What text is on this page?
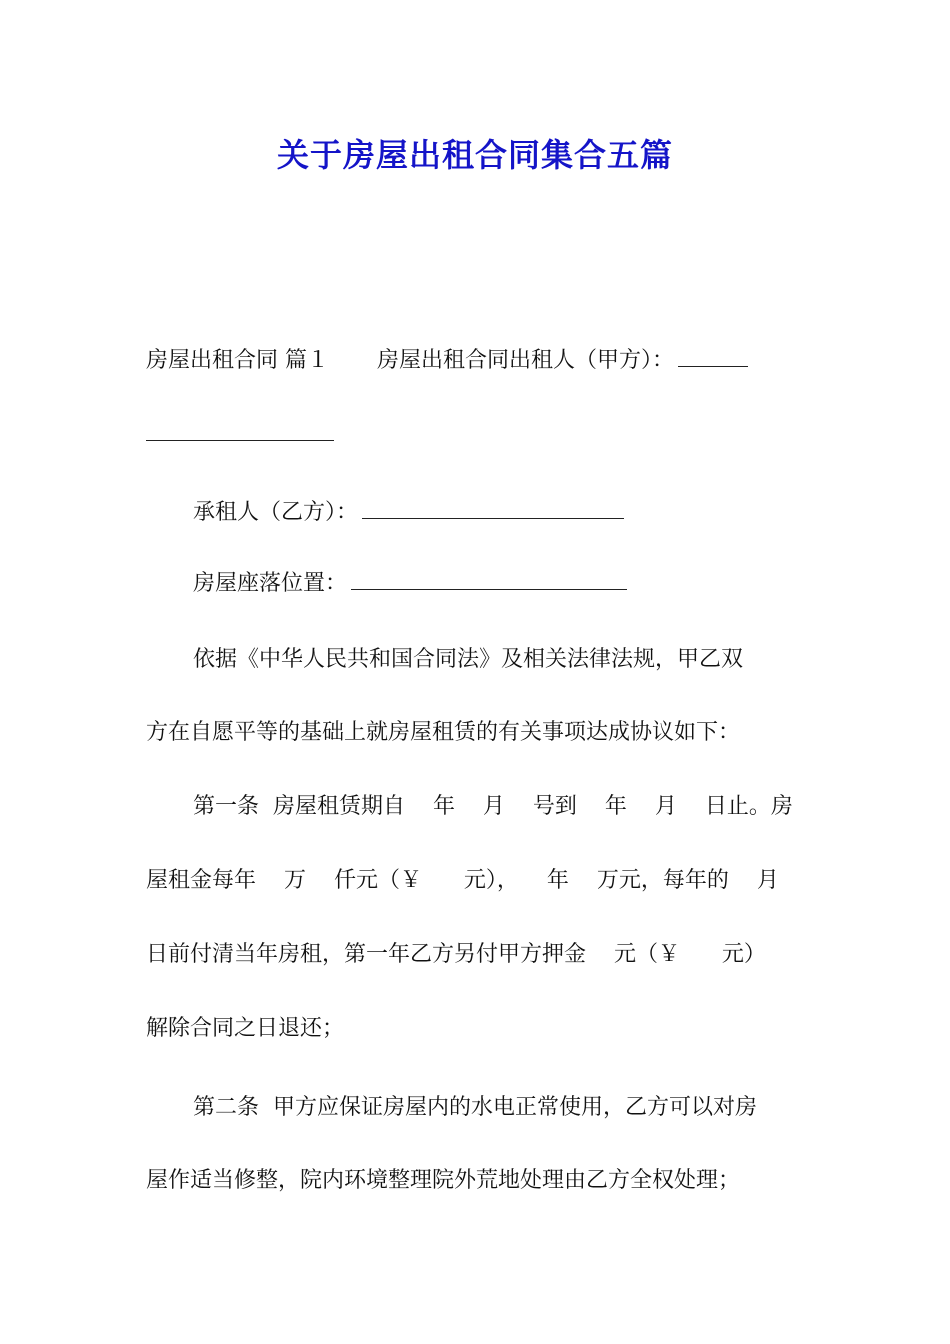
关于房屋出租合同集合五篇
房屋出租合同 篇１ 房屋出租合同出租人（甲方）：
承租人（乙方）：
房屋座落位置：
依据《中华人民共和国合同法》及相关法律法规，甲乙双
方在自愿平等的基础上就房屋租赁的有关事项达成协议如下：
第一条  房屋租赁期自    年    月    号到    年    月    日止。房
屋租金每年    万    仟元（￥      元），    年    万元，每年的    月
日前付清当年房租，第一年乙方另付甲方押金    元（￥      元）
解除合同之日退还；
第二条  甲方应保证房屋内的水电正常使用，乙方可以对房
屋作适当修整，院内环境整理院外荒地处理由乙方全权处理；
